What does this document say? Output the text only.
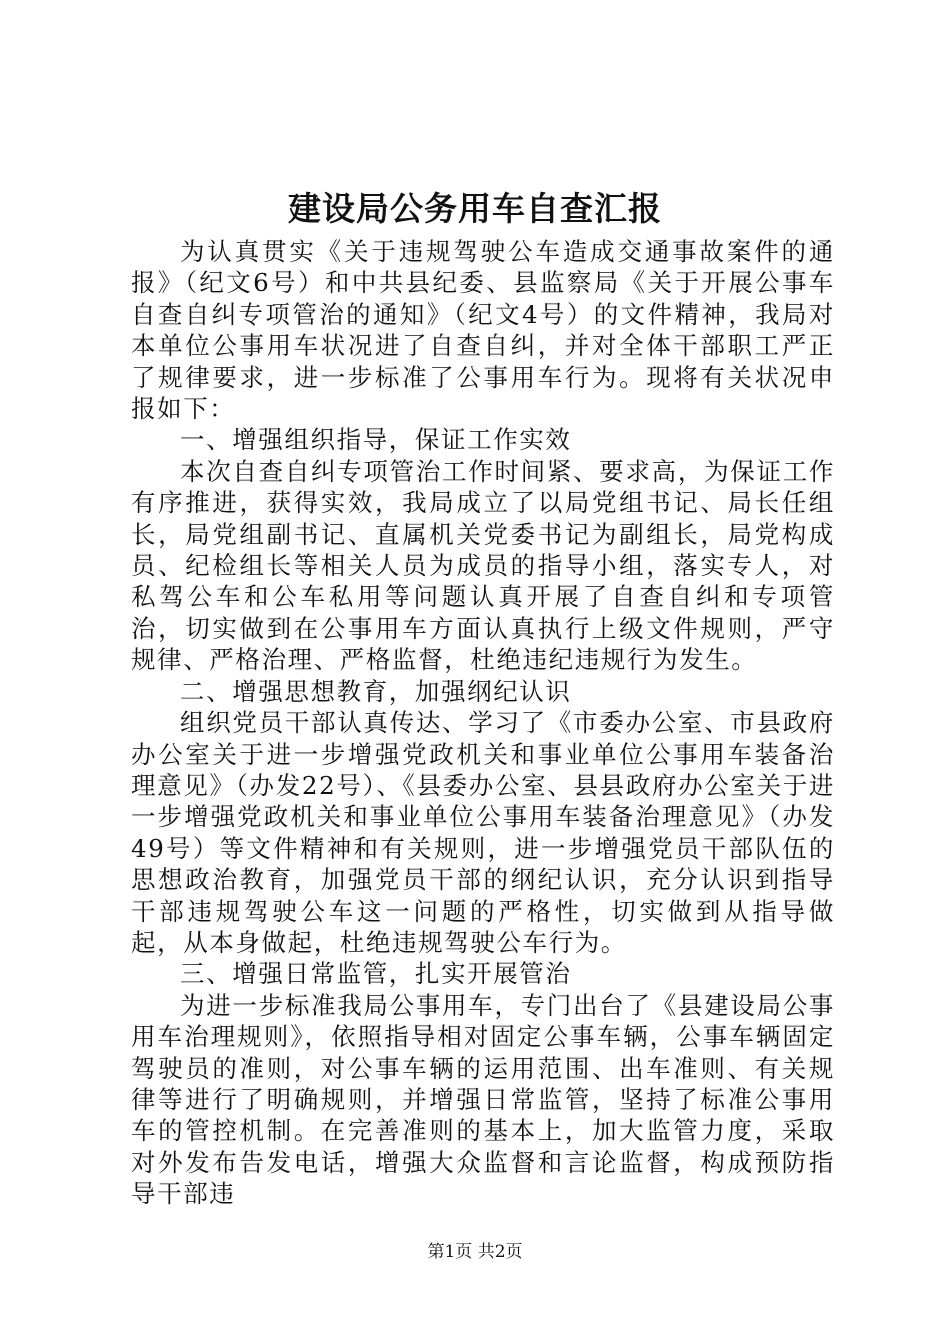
建设局公务用车自查汇报

为认真贯实《关于违规驾驶公车造成交通事故案件的通报》（纪文6号）和中共县纪委、县监察局《关于开展公事车自查自纠专项管治的通知》（纪文4号）的文件精神，我局对本单位公事用车状况进了自查自纠，并对全体干部职工严正了规律要求，进一步标准了公事用车行为。现将有关状况申报如下：

一、增强组织指导，保证工作实效

本次自查自纠专项管治工作时间紧、要求高，为保证工作有序推进，获得实效，我局成立了以局党组书记、局长任组长，局党组副书记、直属机关党委书记为副组长，局党构成员、纪检组长等相关人员为成员的指导小组，落实专人，对私驾公车和公车私用等问题认真开展了自查自纠和专项管治，切实做到在公事用车方面认真执行上级文件规则，严守规律、严格治理、严格监督，杜绝违纪违规行为发生。

二、增强思想教育，加强纲纪认识

组织党员干部认真传达、学习了《市委办公室、市县政府办公室关于进一步增强党政机关和事业单位公事用车装备治理意见》（办发22号）、《县委办公室、县县政府办公室关于进一步增强党政机关和事业单位公事用车装备治理意见》（办发49号）等文件精神和有关规则，进一步增强党员干部队伍的思想政治教育，加强党员干部的纲纪认识，充分认识到指导干部违规驾驶公车这一问题的严格性，切实做到从指导做起，从本身做起，杜绝违规驾驶公车行为。

三、增强日常监管，扎实开展管治

为进一步标准我局公事用车，专门出台了《县建设局公事用车治理规则》，依照指导相对固定公事车辆，公事车辆固定驾驶员的准则，对公事车辆的运用范围、出车准则、有关规律等进行了明确规则，并增强日常监管，坚持了标准公事用车的管控机制。在完善准则的基本上，加大监管力度，采取对外发布告发电话，增强大众监督和言论监督，构成预防指导干部违

第1页 共2页
